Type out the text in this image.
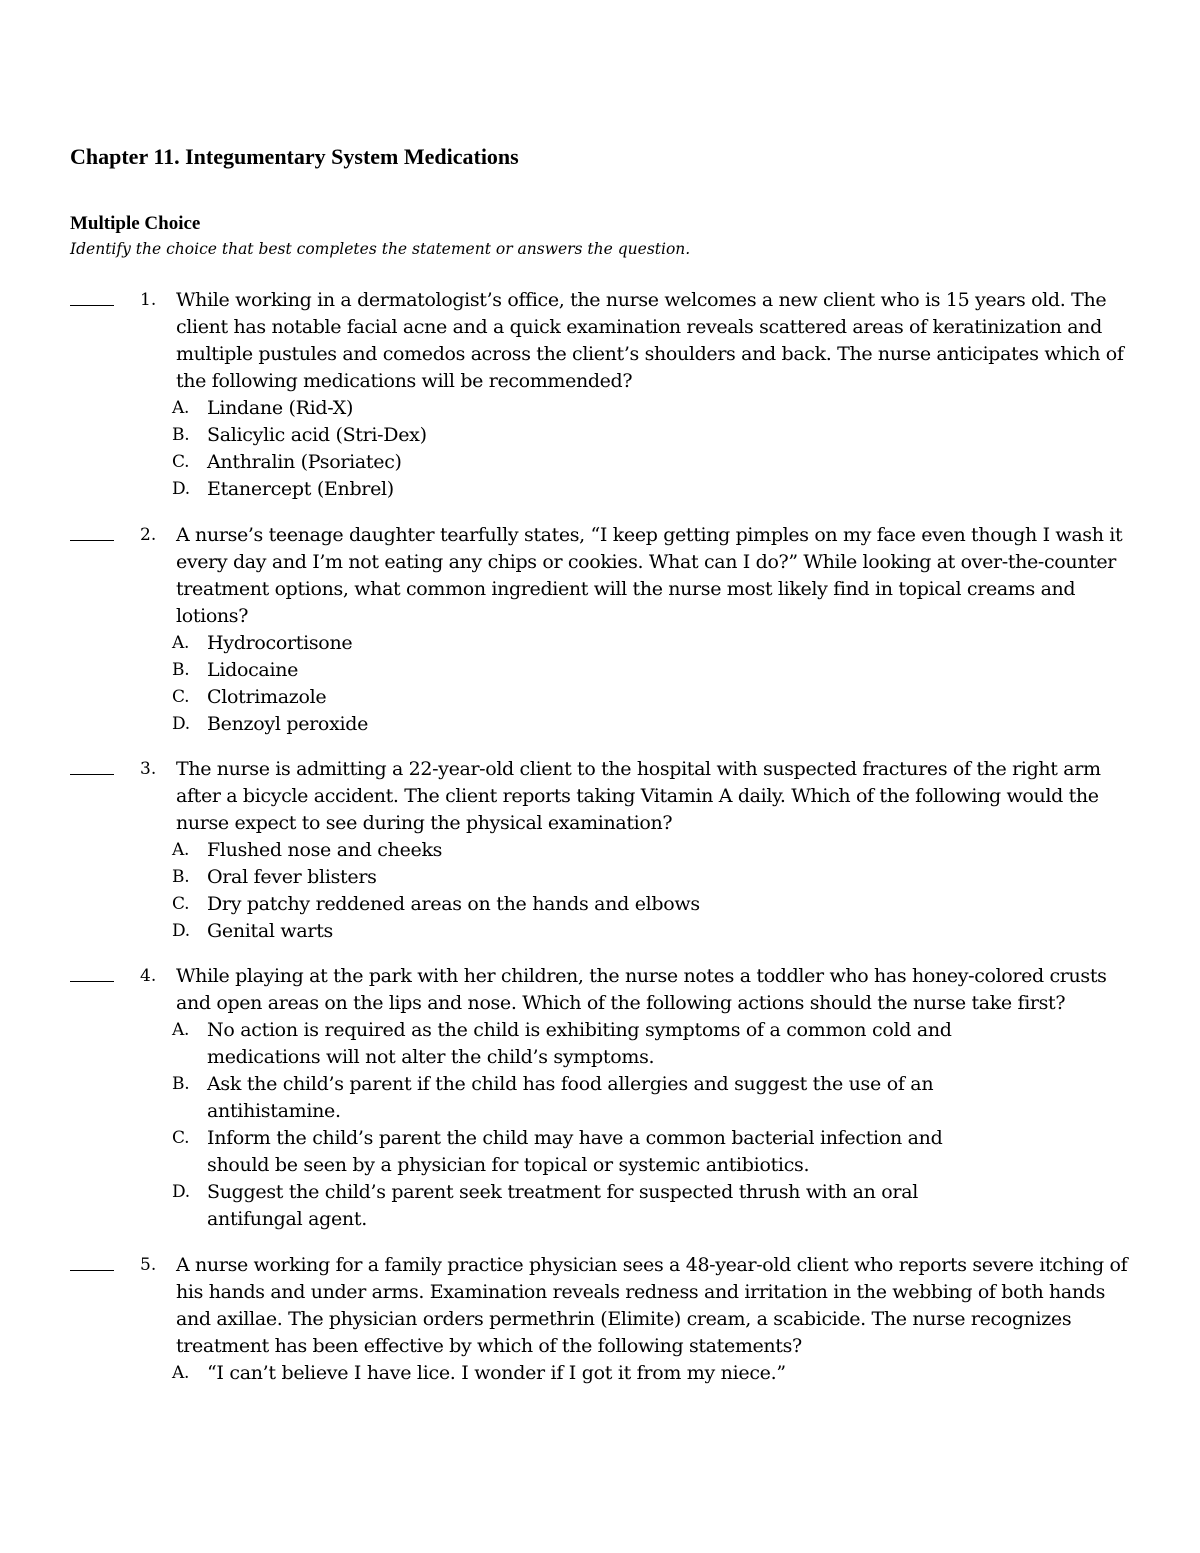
Chapter 11. Integumentary System Medications
Multiple Choice
Identify the choice that best completes the statement or answers the question.
1. While working in a dermatologist’s office, the nurse welcomes a new client who is 15 years old. The client has notable facial acne and a quick examination reveals scattered areas of keratinization and multiple pustules and comedos across the client’s shoulders and back. The nurse anticipates which of the following medications will be recommended?
A. Lindane (Rid-X)
B. Salicylic acid (Stri-Dex)
C. Anthralin (Psoriatec)
D. Etanercept (Enbrel)
2. A nurse’s teenage daughter tearfully states, “I keep getting pimples on my face even though I wash it every day and I’m not eating any chips or cookies. What can I do?” While looking at over-the-counter treatment options, what common ingredient will the nurse most likely find in topical creams and lotions?
A. Hydrocortisone
B. Lidocaine
C. Clotrimazole
D. Benzoyl peroxide
3. The nurse is admitting a 22-year-old client to the hospital with suspected fractures of the right arm after a bicycle accident. The client reports taking Vitamin A daily. Which of the following would the nurse expect to see during the physical examination?
A. Flushed nose and cheeks
B. Oral fever blisters
C. Dry patchy reddened areas on the hands and elbows
D. Genital warts
4. While playing at the park with her children, the nurse notes a toddler who has honey-colored crusts and open areas on the lips and nose. Which of the following actions should the nurse take first?
A. No action is required as the child is exhibiting symptoms of a common cold and medications will not alter the child’s symptoms.
B. Ask the child’s parent if the child has food allergies and suggest the use of an antihistamine.
C. Inform the child’s parent the child may have a common bacterial infection and should be seen by a physician for topical or systemic antibiotics.
D. Suggest the child’s parent seek treatment for suspected thrush with an oral antifungal agent.
5. A nurse working for a family practice physician sees a 48-year-old client who reports severe itching of his hands and under arms. Examination reveals redness and irritation in the webbing of both hands and axillae. The physician orders permethrin (Elimite) cream, a scabicide. The nurse recognizes treatment has been effective by which of the following statements?
A. “I can’t believe I have lice. I wonder if I got it from my niece.”
